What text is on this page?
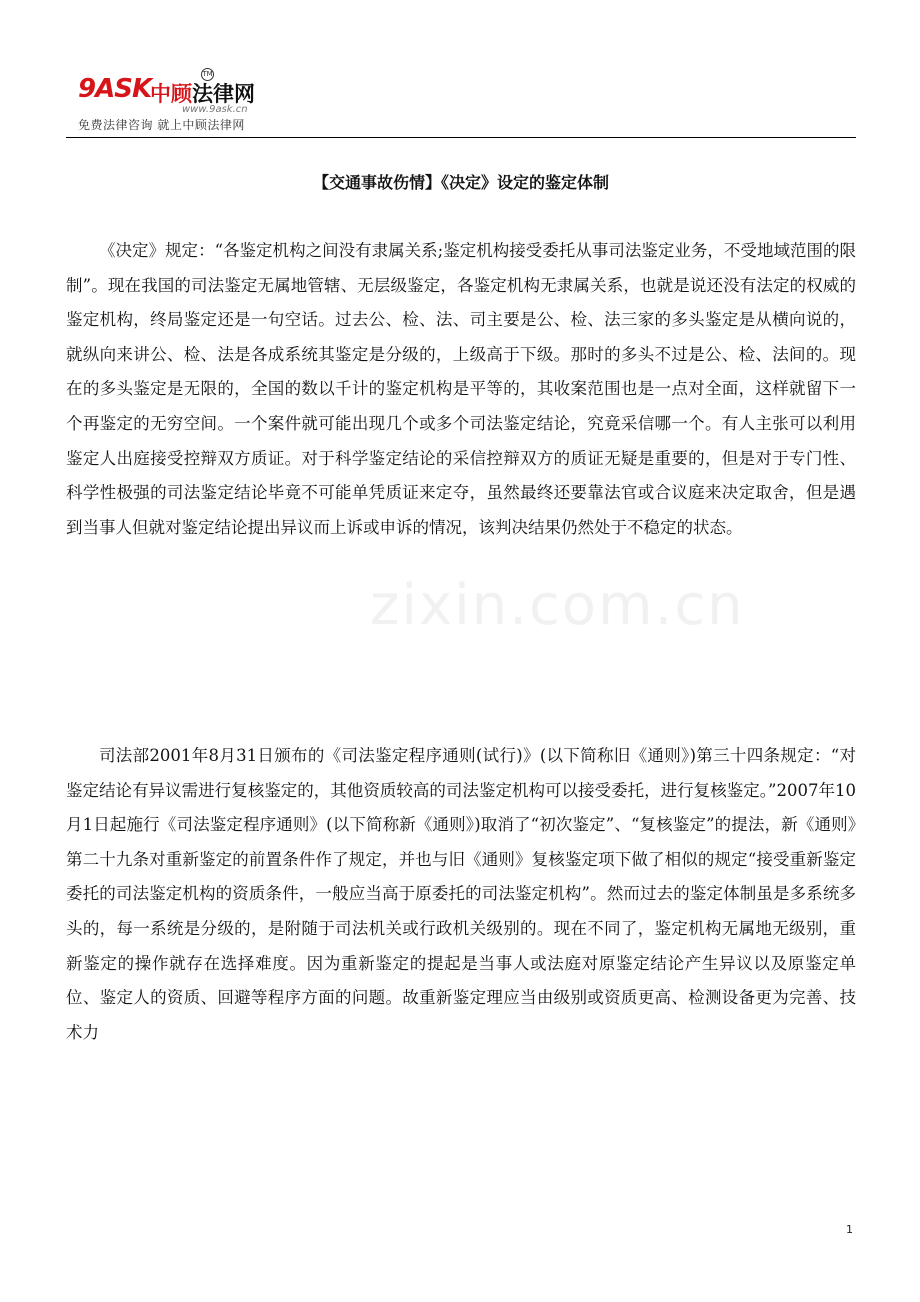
9ASK
中顾法律网
TM
www.9ask.cn
免费法律咨询 就上中顾法律网
zixin.com.cn
【交通事故伤情】《决定》设定的鉴定体制

《决定》规定：“各鉴定机构之间没有隶属关系;鉴定机构接受委托从事司法鉴定业务，不受地域范围的限制”。现在我国的司法鉴定无属地管辖、无层级鉴定，各鉴定机构无隶属关系，也就是说还没有法定的权威的鉴定机构，终局鉴定还是一句空话。过去公、检、法、司主要是公、检、法三家的多头鉴定是从横向说的，就纵向来讲公、检、法是各成系统其鉴定是分级的，上级高于下级。那时的多头不过是公、检、法间的。现在的多头鉴定是无限的，全国的数以千计的鉴定机构是平等的，其收案范围也是一点对全面，这样就留下一个再鉴定的无穷空间。一个案件就可能出现几个或多个司法鉴定结论，究竟采信哪一个。有人主张可以利用鉴定人出庭接受控辩双方质证。对于科学鉴定结论的采信控辩双方的质证无疑是重要的，但是对于专门性、科学性极强的司法鉴定结论毕竟不可能单凭质证来定夺，虽然最终还要靠法官或合议庭来决定取舍，但是遇到当事人但就对鉴定结论提出异议而上诉或申诉的情况，该判决结果仍然处于不稳定的状态。

司法部2001年8月31日颁布的《司法鉴定程序通则(试行)》(以下简称旧《通则》)第三十四条规定：“对鉴定结论有异议需进行复核鉴定的，其他资质较高的司法鉴定机构可以接受委托，进行复核鉴定。”2007年10月1日起施行《司法鉴定程序通则》(以下简称新《通则》)取消了“初次鉴定”、“复核鉴定”的提法，新《通则》第二十九条对重新鉴定的前置条件作了规定，并也与旧《通则》复核鉴定项下做了相似的规定“接受重新鉴定委托的司法鉴定机构的资质条件，一般应当高于原委托的司法鉴定机构”。然而过去的鉴定体制虽是多系统多头的，每一系统是分级的，是附随于司法机关或行政机关级别的。现在不同了，鉴定机构无属地无级别，重新鉴定的操作就存在选择难度。因为重新鉴定的提起是当事人或法庭对原鉴定结论产生异议以及原鉴定单位、鉴定人的资质、回避等程序方面的问题。故重新鉴定理应当由级别或资质更高、检测设备更为完善、技术力

1
